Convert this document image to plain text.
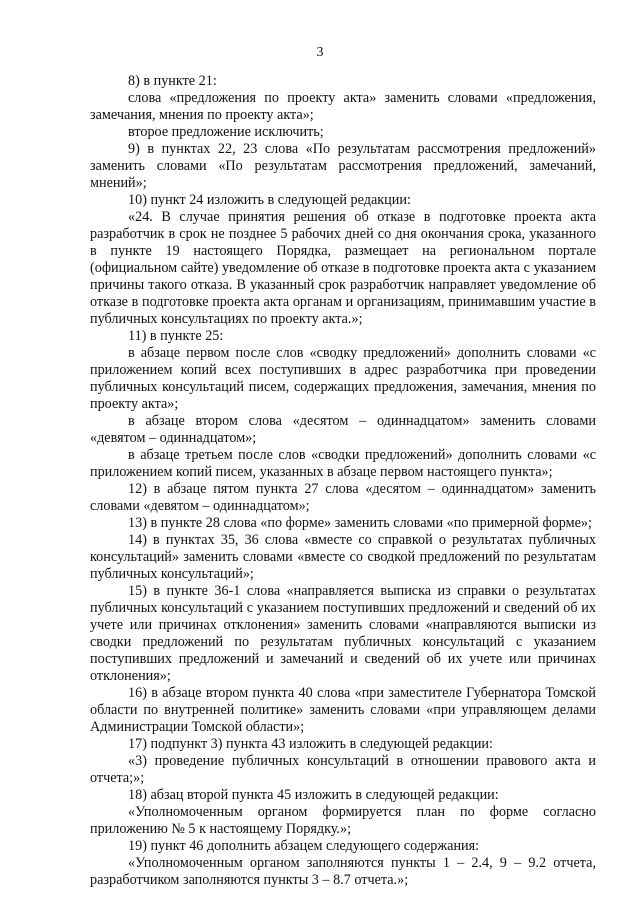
3

8) в пункте 21:

слова «предложения по проекту акта» заменить словами «предложения, замечания, мнения по проекту акта»;

второе предложение исключить;

9) в пунктах 22, 23 слова «По результатам рассмотрения предложений» заменить словами «По результатам рассмотрения предложений, замечаний, мнений»;

10) пункт 24 изложить в следующей редакции:

«24. В случае принятия решения об отказе в подготовке проекта акта разработчик в срок не позднее 5 рабочих дней со дня окончания срока, указанного в пункте 19 настоящего Порядка, размещает на региональном портале (официальном сайте) уведомление об отказе в подготовке проекта акта с указанием причины такого отказа. В указанный срок разработчик направляет уведомление об отказе в подготовке проекта акта органам и организациям, принимавшим участие в публичных консультациях по проекту акта.»;

11) в пункте 25:

в абзаце первом после слов «сводку предложений» дополнить словами «с приложением копий всех поступивших в адрес разработчика при проведении публичных консультаций писем, содержащих предложения, замечания, мнения по проекту акта»;

в абзаце втором слова «десятом – одиннадцатом» заменить словами «девятом – одиннадцатом»;

в абзаце третьем после слов «сводки предложений» дополнить словами «с приложением копий писем, указанных в абзаце первом настоящего пункта»;

12) в абзаце пятом пункта 27 слова «десятом – одиннадцатом» заменить словами «девятом – одиннадцатом»;

13) в пункте 28 слова «по форме» заменить словами «по примерной форме»;

14) в пунктах 35, 36 слова «вместе со справкой о результатах публичных консультаций» заменить словами «вместе со сводкой предложений по результатам публичных консультаций»;

15) в пункте 36-1 слова «направляется выписка из справки о результатах публичных консультаций с указанием поступивших предложений и сведений об их учете или причинах отклонения» заменить словами «направляются выписки из сводки предложений по результатам публичных консультаций с указанием поступивших предложений и замечаний и сведений об их учете или причинах отклонения»;

16) в абзаце втором пункта 40 слова «при заместителе Губернатора Томской области по внутренней политике» заменить словами «при управляющем делами Администрации Томской области»;

17) подпункт 3) пункта 43 изложить в следующей редакции:

«3) проведение публичных консультаций в отношении правового акта и отчета;»;

18) абзац второй пункта 45 изложить в следующей редакции:

«Уполномоченным органом формируется план по форме согласно приложению № 5 к настоящему Порядку.»;

19) пункт 46 дополнить абзацем следующего содержания:

«Уполномоченным органом заполняются пункты 1 – 2.4, 9 – 9.2 отчета, разработчиком заполняются пункты 3 – 8.7 отчета.»;
